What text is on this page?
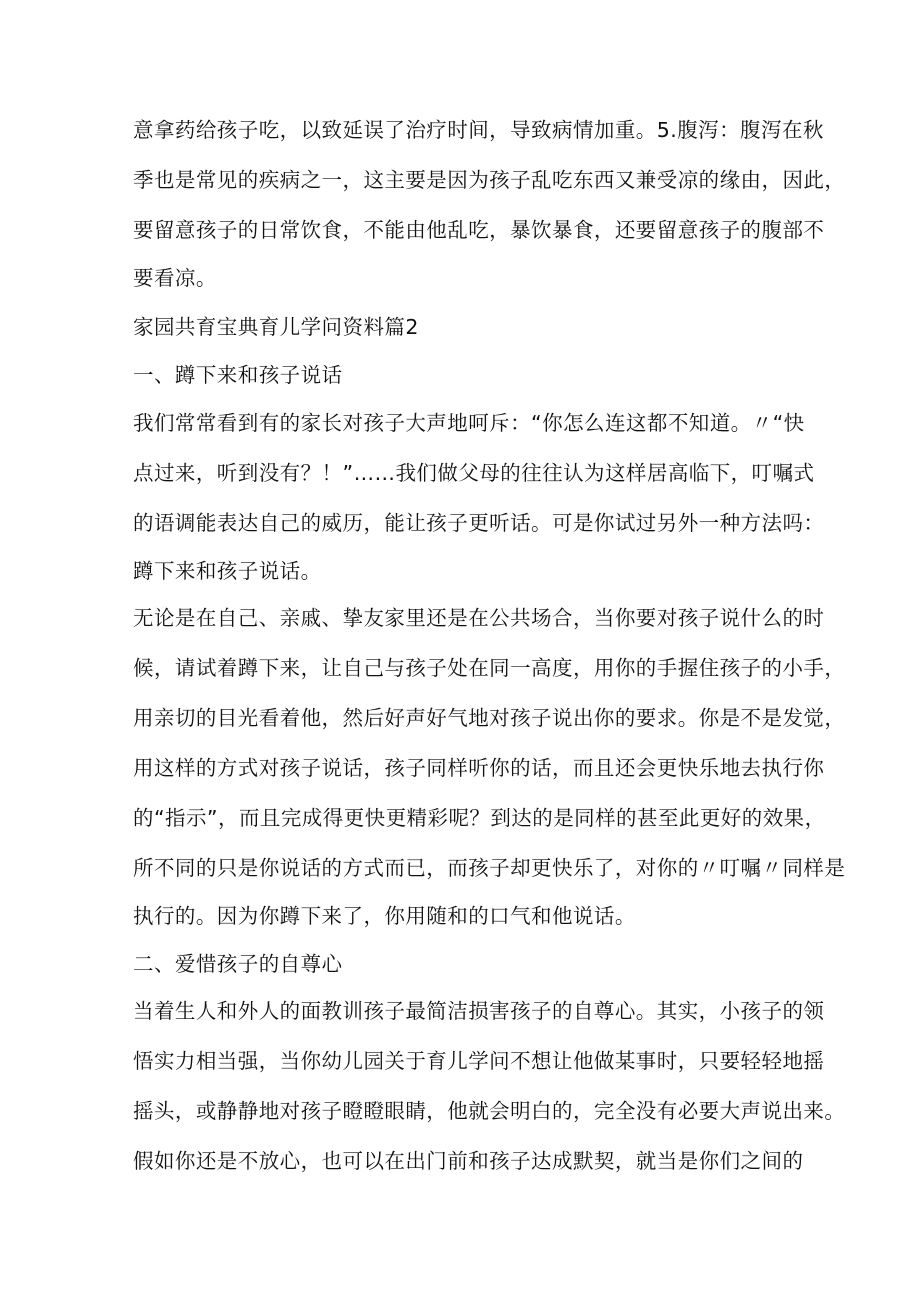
意拿药给孩子吃，以致延误了治疗时间，导致病情加重。5.腹泻：腹泻在秋
季也是常见的疾病之一，这主要是因为孩子乱吃东西又兼受凉的缘由，因此，
要留意孩子的日常饮食，不能由他乱吃，暴饮暴食，还要留意孩子的腹部不
要看凉。
家园共育宝典育儿学问资料篇2
一、蹲下来和孩子说话
我们常常看到有的家长对孩子大声地呵斥：“你怎么连这都不知道。〃“快
点过来，听到没有？！”……我们做父母的往往认为这样居高临下，叮嘱式
的语调能表达自己的威历，能让孩子更听话。可是你试过另外一种方法吗：
蹲下来和孩子说话。
无论是在自己、亲戚、挚友家里还是在公共场合，当你要对孩子说什么的时
候，请试着蹲下来，让自己与孩子处在同一高度，用你的手握住孩子的小手，
用亲切的目光看着他，然后好声好气地对孩子说出你的要求。你是不是发觉，
用这样的方式对孩子说话，孩子同样听你的话，而且还会更快乐地去执行你
的“指示”，而且完成得更快更精彩呢？到达的是同样的甚至此更好的效果，
所不同的只是你说话的方式而已，而孩子却更快乐了，对你的〃叮嘱〃同样是
执行的。因为你蹲下来了，你用随和的口气和他说话。
二、爱惜孩子的自尊心
当着生人和外人的面教训孩子最简洁损害孩子的自尊心。其实，小孩子的领
悟实力相当强，当你幼儿园关于育儿学问不想让他做某事时，只要轻轻地摇
摇头，或静静地对孩子瞪瞪眼睛，他就会明白的，完全没有必要大声说出来。
假如你还是不放心，也可以在出门前和孩子达成默契，就当是你们之间的
